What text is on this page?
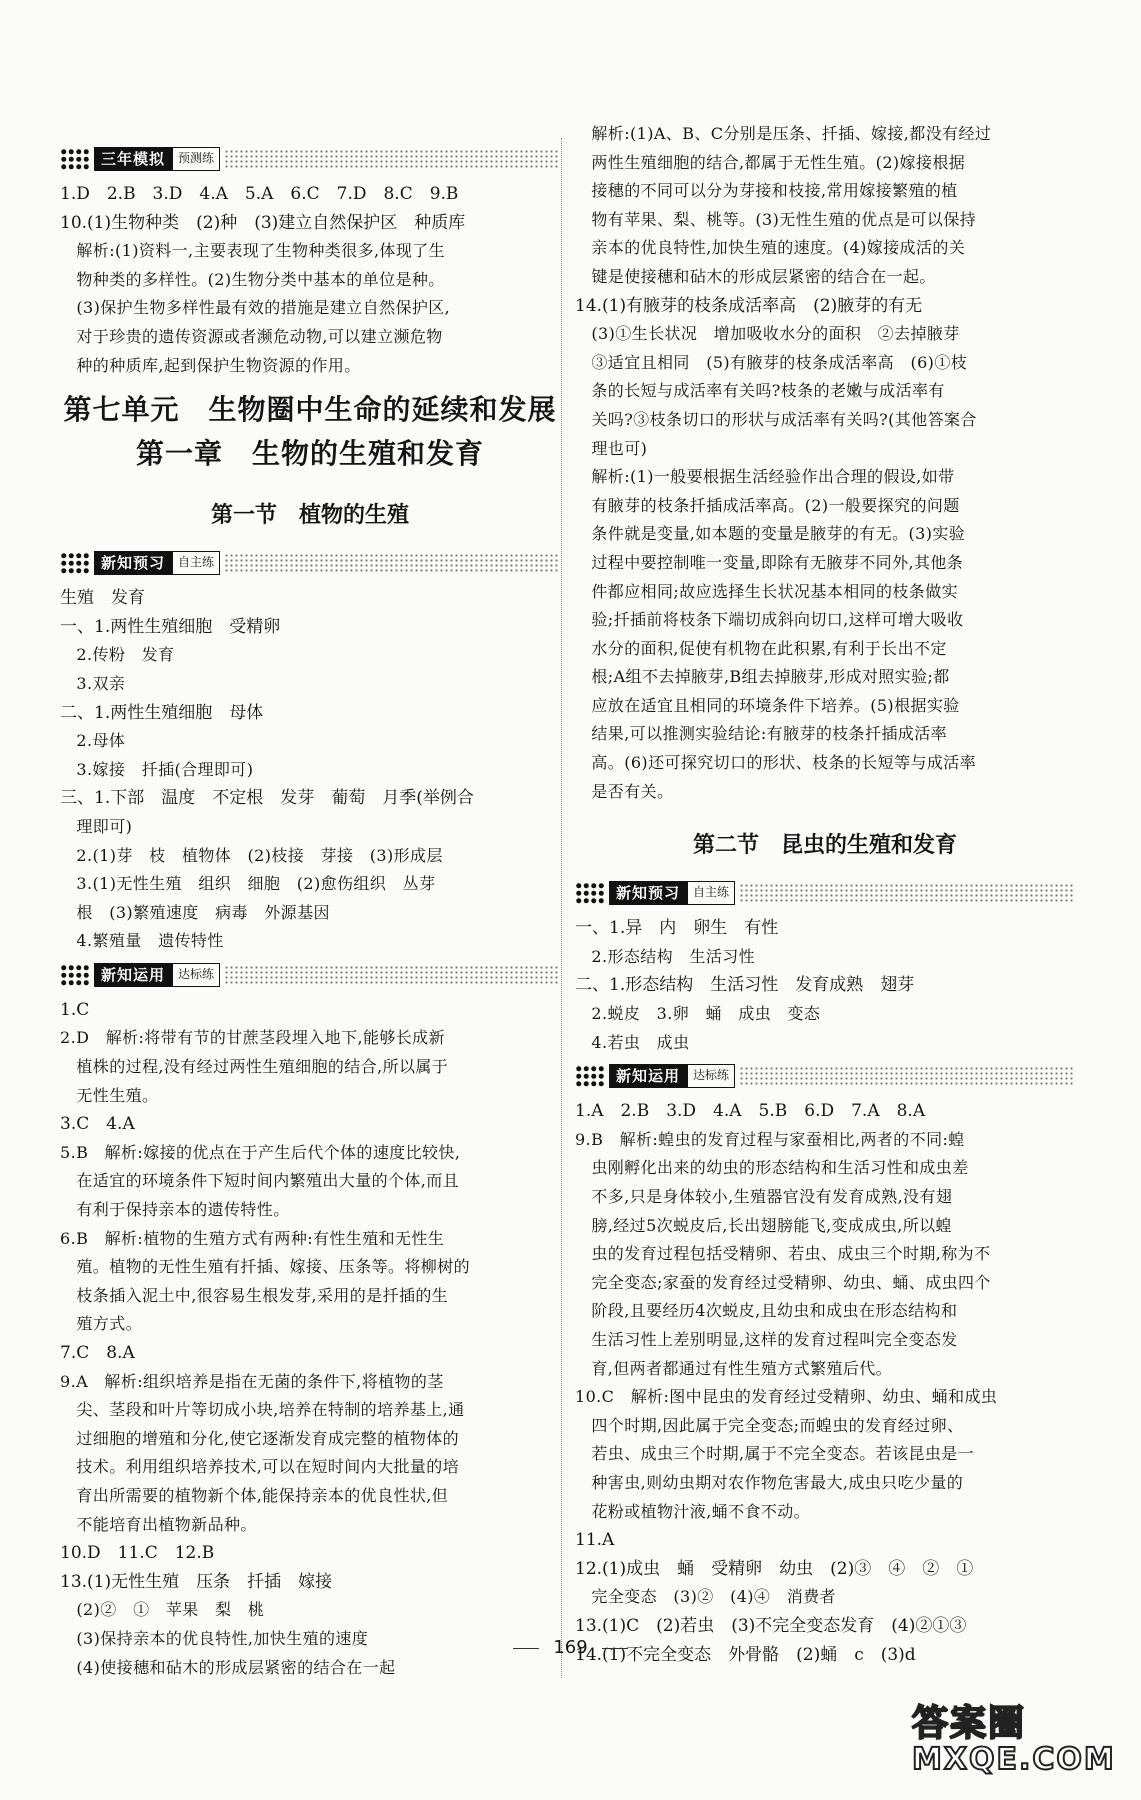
三年模拟	预测练
1.D　2.B　3.D　4.A　5.A　6.C　7.D　8.C　9.B
10.(1)生物种类　(2)种　(3)建立自然保护区　种质库
　解析:(1)资料一,主要表现了生物种类很多,体现了生
　物种类的多样性。(2)生物分类中基本的单位是种。
　(3)保护生物多样性最有效的措施是建立自然保护区,
　对于珍贵的遗传资源或者濒危动物,可以建立濒危物
　种的种质库,起到保护生物资源的作用。
第七单元　生物圈中生命的延续和发展
第一章　生物的生殖和发育
第一节　植物的生殖
新知预习	自主练
生殖　发育
一、1.两性生殖细胞　受精卵
　2.传粉　发育
　3.双亲
二、1.两性生殖细胞　母体
　2.母体
　3.嫁接　扦插(合理即可)
三、1.下部　温度　不定根　发芽　葡萄　月季(举例合
　理即可)
　2.(1)芽　枝　植物体　(2)枝接　芽接　(3)形成层
　3.(1)无性生殖　组织　细胞　(2)愈伤组织　丛芽
　根　(3)繁殖速度　病毒　外源基因
　4.繁殖量　遗传特性
新知运用	达标练
1.C
2.D　解析:将带有节的甘蔗茎段埋入地下,能够长成新
　植株的过程,没有经过两性生殖细胞的结合,所以属于
　无性生殖。
3.C　4.A
5.B　解析:嫁接的优点在于产生后代个体的速度比较快,
　在适宜的环境条件下短时间内繁殖出大量的个体,而且
　有利于保持亲本的遗传特性。
6.B　解析:植物的生殖方式有两种:有性生殖和无性生
　殖。植物的无性生殖有扦插、嫁接、压条等。将柳树的
　枝条插入泥土中,很容易生根发芽,采用的是扦插的生
　殖方式。
7.C　8.A
9.A　解析:组织培养是指在无菌的条件下,将植物的茎
　尖、茎段和叶片等切成小块,培养在特制的培养基上,通
　过细胞的增殖和分化,使它逐渐发育成完整的植物体的
　技术。利用组织培养技术,可以在短时间内大批量的培
　育出所需要的植物新个体,能保持亲本的优良性状,但
　不能培育出植物新品种。
10.D　11.C　12.B
13.(1)无性生殖　压条　扦插　嫁接
　(2)②　①　苹果　梨　桃
　(3)保持亲本的优良特性,加快生殖的速度
　(4)使接穗和砧木的形成层紧密的结合在一起
　解析:(1)A、B、C分别是压条、扦插、嫁接,都没有经过
　两性生殖细胞的结合,都属于无性生殖。(2)嫁接根据
　接穗的不同可以分为芽接和枝接,常用嫁接繁殖的植
　物有苹果、梨、桃等。(3)无性生殖的优点是可以保持
　亲本的优良特性,加快生殖的速度。(4)嫁接成活的关
　键是使接穗和砧木的形成层紧密的结合在一起。
14.(1)有腋芽的枝条成活率高　(2)腋芽的有无
　(3)①生长状况　增加吸收水分的面积　②去掉腋芽
　③适宜且相同　(5)有腋芽的枝条成活率高　(6)①枝
　条的长短与成活率有关吗?枝条的老嫩与成活率有
　关吗?③枝条切口的形状与成活率有关吗?(其他答案合
　理也可)
　解析:(1)一般要根据生活经验作出合理的假设,如带
　有腋芽的枝条扦插成活率高。(2)一般要探究的问题
　条件就是变量,如本题的变量是腋芽的有无。(3)实验
　过程中要控制唯一变量,即除有无腋芽不同外,其他条
　件都应相同;故应选择生长状况基本相同的枝条做实
　验;扦插前将枝条下端切成斜向切口,这样可增大吸收
　水分的面积,促使有机物在此积累,有利于长出不定
　根;A组不去掉腋芽,B组去掉腋芽,形成对照实验;都
　应放在适宜且相同的环境条件下培养。(5)根据实验
　结果,可以推测实验结论:有腋芽的枝条扦插成活率
　高。(6)还可探究切口的形状、枝条的长短等与成活率
　是否有关。
第二节　昆虫的生殖和发育
新知预习	自主练
一、1.异　内　卵生　有性
　2.形态结构　生活习性
二、1.形态结构　生活习性　发育成熟　翅芽
　2.蜕皮　3.卵　蛹　成虫　变态
　4.若虫　成虫
新知运用	达标练
1.A　2.B　3.D　4.A　5.B　6.D　7.A　8.A
9.B　解析:蝗虫的发育过程与家蚕相比,两者的不同:蝗
　虫刚孵化出来的幼虫的形态结构和生活习性和成虫差
　不多,只是身体较小,生殖器官没有发育成熟,没有翅
　膀,经过5次蜕皮后,长出翅膀能飞,变成成虫,所以蝗
　虫的发育过程包括受精卵、若虫、成虫三个时期,称为不
　完全变态;家蚕的发育经过受精卵、幼虫、蛹、成虫四个
　阶段,且要经历4次蜕皮,且幼虫和成虫在形态结构和
　生活习性上差别明显,这样的发育过程叫完全变态发
　育,但两者都通过有性生殖方式繁殖后代。
10.C　解析:图中昆虫的发育经过受精卵、幼虫、蛹和成虫
　四个时期,因此属于完全变态;而蝗虫的发育经过卵、
　若虫、成虫三个时期,属于不完全变态。若该昆虫是一
　种害虫,则幼虫期对农作物危害最大,成虫只吃少量的
　花粉或植物汁液,蛹不食不动。
11.A
12.(1)成虫　蛹　受精卵　幼虫　(2)③　④　②　①
　完全变态　(3)②　(4)④　消费者
13.(1)C　(2)若虫　(3)不完全变态发育　(4)②①③
14.(1)不完全变态　外骨骼　(2)蛹　c　(3)d
169
答案圈
MXQE.COM
